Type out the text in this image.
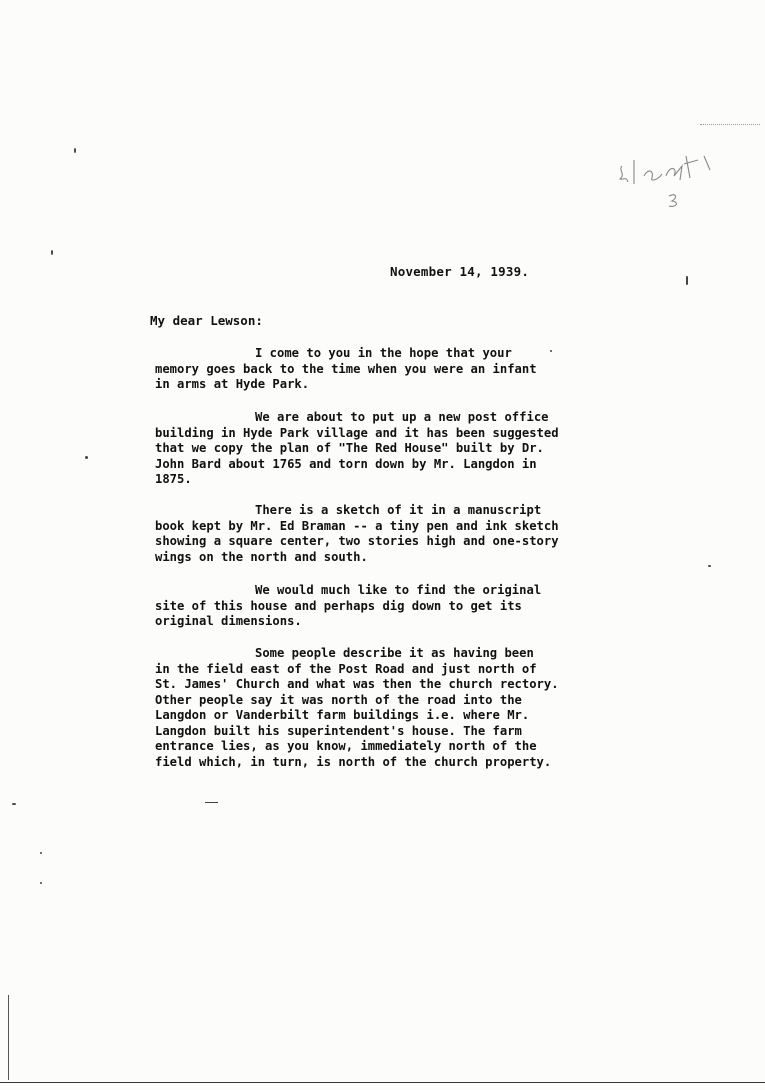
November 14, 1939.
My dear Lewson:
I come to you in the hope that your
memory goes back to the time when you were an infant
in arms at Hyde Park.
We are about to put up a new post office
building in Hyde Park village and it has been suggested
that we copy the plan of "The Red House" built by Dr.
John Bard about 1765 and torn down by Mr. Langdon in
1875.
There is a sketch of it in a manuscript
book kept by Mr. Ed Braman -- a tiny pen and ink sketch
showing a square center, two stories high and one-story
wings on the north and south.
We would much like to find the original
site of this house and perhaps dig down to get its
original dimensions.
Some people describe it as having been
in the field east of the Post Road and just north of
St. James' Church and what was then the church rectory.
Other people say it was north of the road into the
Langdon or Vanderbilt farm buildings i.e. where Mr.
Langdon built his superintendent's house. The farm
entrance lies, as you know, immediately north of the
field which, in turn, is north of the church property.
